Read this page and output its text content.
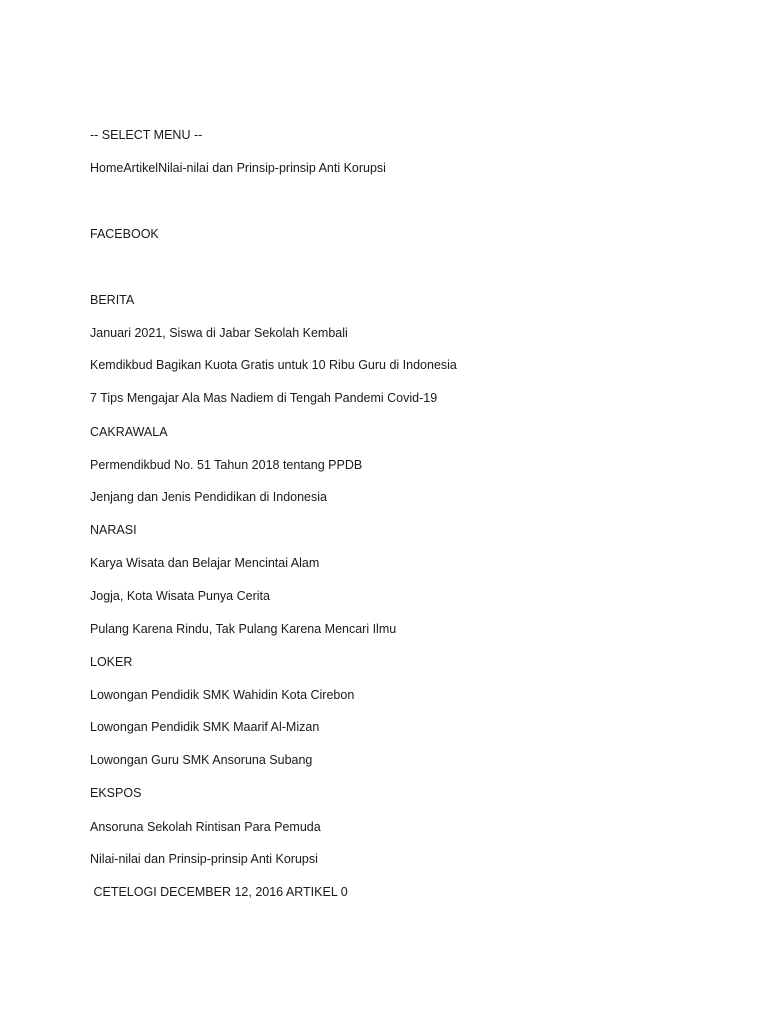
-- SELECT MENU --
HomeArtikelNilai-nilai dan Prinsip-prinsip Anti Korupsi
FACEBOOK
BERITA
Januari 2021, Siswa di Jabar Sekolah Kembali
Kemdikbud Bagikan Kuota Gratis untuk 10 Ribu Guru di Indonesia
7 Tips Mengajar Ala Mas Nadiem di Tengah Pandemi Covid-19
CAKRAWALA
Permendikbud No. 51 Tahun 2018 tentang PPDB
Jenjang dan Jenis Pendidikan di Indonesia
NARASI
Karya Wisata dan Belajar Mencintai Alam
Jogja, Kota Wisata Punya Cerita
Pulang Karena Rindu, Tak Pulang Karena Mencari Ilmu
LOKER
Lowongan Pendidik SMK Wahidin Kota Cirebon
Lowongan Pendidik SMK Maarif Al-Mizan
Lowongan Guru SMK Ansoruna Subang
EKSPOS
Ansoruna Sekolah Rintisan Para Pemuda
Nilai-nilai dan Prinsip-prinsip Anti Korupsi
CETELOGI DECEMBER 12, 2016 ARTIKEL 0
